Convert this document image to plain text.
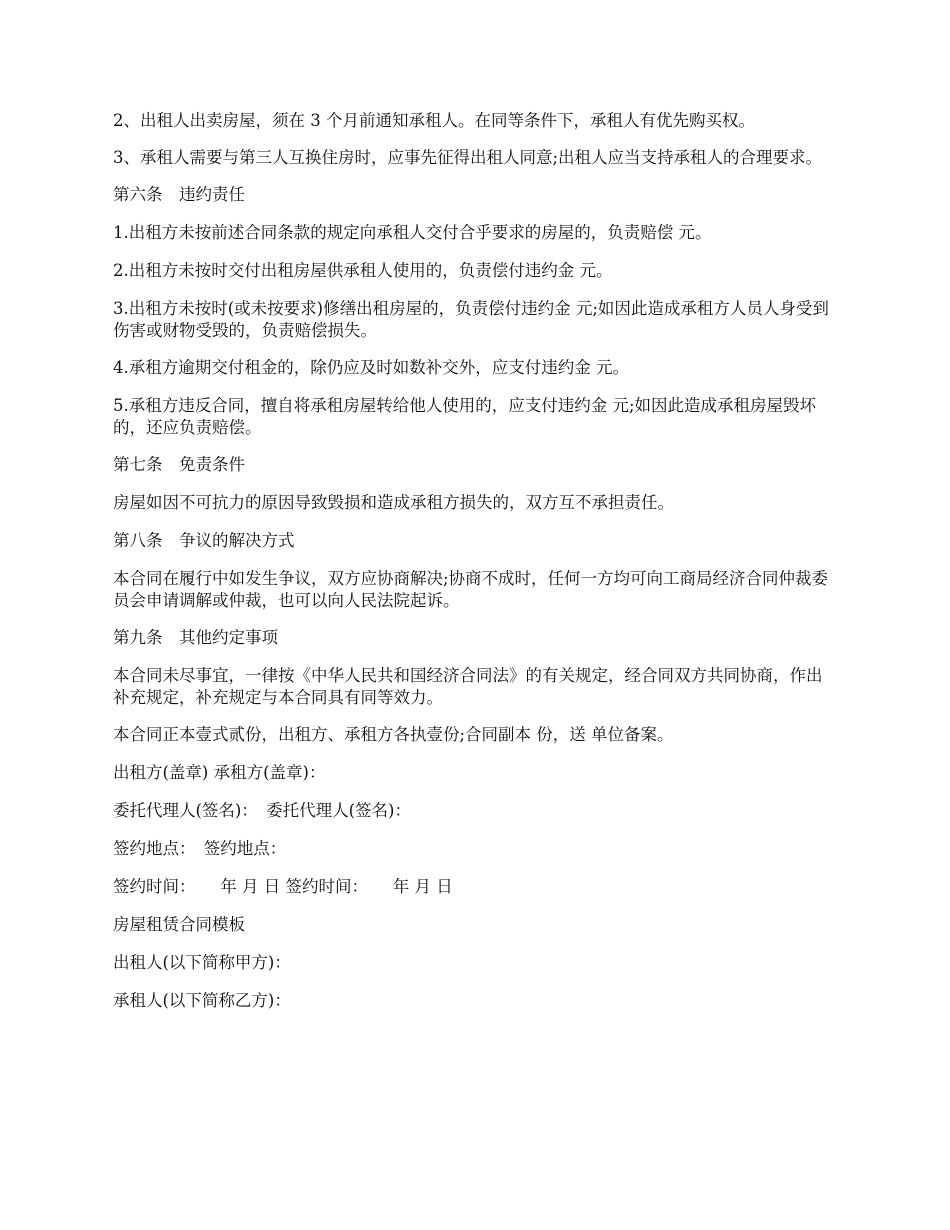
2、出租人出卖房屋，须在 3 个月前通知承租人。在同等条件下，承租人有优先购买权。

3、承租人需要与第三人互换住房时，应事先征得出租人同意;出租人应当支持承租人的合理要求。

第六条　违约责任

1.出租方未按前述合同条款的规定向承租人交付合乎要求的房屋的，负责赔偿 元。

2.出租方未按时交付出租房屋供承租人使用的，负责偿付违约金 元。

3.出租方未按时(或未按要求)修缮出租房屋的，负责偿付违约金 元;如因此造成承租方人员人身受到伤害或财物受毁的，负责赔偿损失。

4.承租方逾期交付租金的，除仍应及时如数补交外，应支付违约金 元。

5.承租方违反合同，擅自将承租房屋转给他人使用的，应支付违约金 元;如因此造成承租房屋毁坏的，还应负责赔偿。

第七条　免责条件

房屋如因不可抗力的原因导致毁损和造成承租方损失的，双方互不承担责任。

第八条　争议的解决方式

本合同在履行中如发生争议，双方应协商解决;协商不成时，任何一方均可向工商局经济合同仲裁委员会申请调解或仲裁，也可以向人民法院起诉。

第九条　其他约定事项

本合同未尽事宜，一律按《中华人民共和国经济合同法》的有关规定，经合同双方共同协商，作出补充规定，补充规定与本合同具有同等效力。

本合同正本壹式贰份，出租方、承租方各执壹份;合同副本 份，送 单位备案。

出租方(盖章) 承租方(盖章)：

委托代理人(签名)：　委托代理人(签名)：

签约地点：　签约地点：

签约时间：　　年 月 日 签约时间：　　年 月 日

房屋租赁合同模板

出租人(以下简称甲方)：

承租人(以下简称乙方)：
